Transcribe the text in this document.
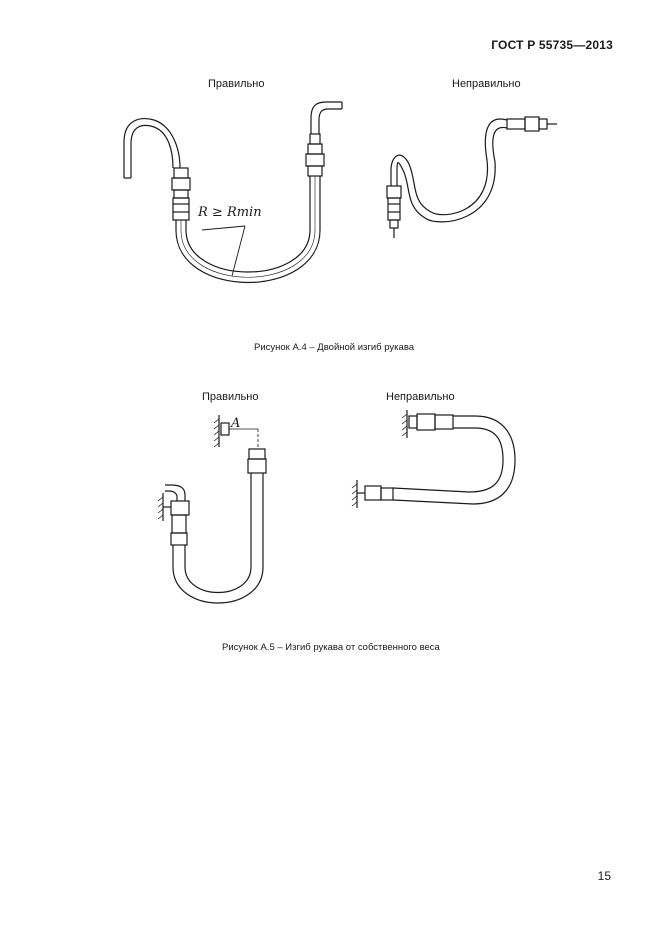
ГОСТ Р 55735—2013
Правильно	Неправильно
R ≥ Rmin
Рисунок А.4 – Двойной изгиб рукава
Правильно	Неправильно
A
Рисунок А.5 – Изгиб рукава от собственного веса
15
